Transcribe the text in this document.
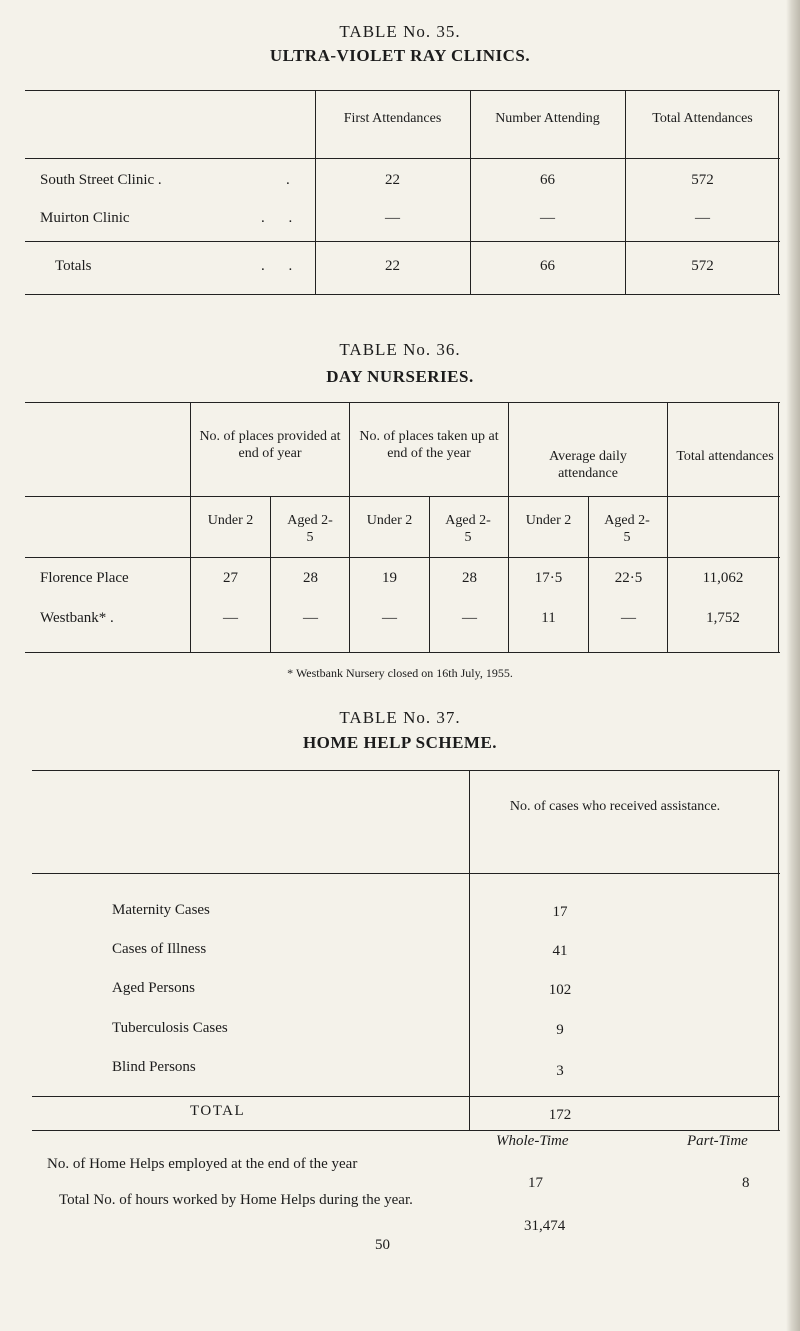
TABLE No. 35.
ULTRA-VIOLET RAY CLINICS.
First Attendances	Number Attending	Total Attendances
South Street Clinic .	.	22	66	572
Muirton Clinic	. .	—	—	—
Totals	. .	22	66	572
TABLE No. 36.
DAY NURSERIES.
No. of places provided at end of year
No. of places taken up at end of the year	Average daily attendance
Total attendances
Under 2	Aged 2-5
Under 2	Aged 2-5
Under 2	Aged 2-5
Florence Place	27	28	19	28	17·5	22·5	11,062
Westbank* .	—	—	—	—	11	—	1,752
* Westbank Nursery closed on 16th July, 1955.
TABLE No. 37.
HOME HELP SCHEME.
No. of cases who received assistance.
Maternity Cases	17
Cases of Illness	41
Aged Persons	102
Tuberculosis Cases	9
Blind Persons	3
TOTAL	172
Whole-Time	Part-Time
No. of Home Helps employed at the end of the year
17	8
Total No. of hours worked by Home Helps during the year.
31,474
50
